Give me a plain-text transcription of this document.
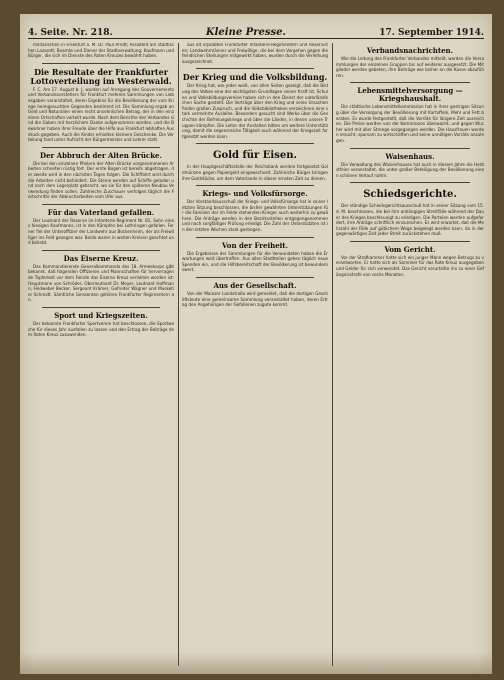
4. Seite. Nr. 218.	Kleine Presse.	17. September 1914.

militärischen in Frankfurt a. M. Dr. Paul Arndt; Assistent am städtischen Lazarett; Beamte und Diener der Stadtverwaltung; Kaufmann und Bürger, die sich im Dienste des Roten Kreuzes bewährt haben.

Die Resultate der Frankfurter Lottoverteilung im Westerwald.

F. C. Am 17. August b. J. wurden auf Anregung des Gouvernements und Verbandsvorstehers für Frankfurt mehrere Sammlungen von Liebesgaben veranstaltet, deren Ergebnis für die Bevölkerung der vom Kriege heimgesuchten Gegenden bestimmt ist. Die Sammlung ergab an Geld und Naturalien einen recht ansehnlichen Betrag, der in den einzelnen Ortschaften verteilt wurde. Nach dem Berichte des Verbandes sind die Gaben mit herzlichem Danke aufgenommen worden, und die Bewohner haben ihrer Freude über die Hilfe aus Frankfurt lebhaften Ausdruck gegeben. Auch die Kinder erhielten kleinere Geschenke. Die Verteilung fand unter Aufsicht der Bürgermeister und Lehrer statt.

Der Abbruch der Alten Brücke.

Die bei den einzelnen Pfeilern der Alten Brücke vorgenommenen Arbeiten schreiten rüstig fort. Der erste Bogen ist bereits abgetragen, der zweite wird in den nächsten Tagen folgen. Die Schiffahrt wird durch die Arbeiten nicht behindert. Die Steine werden auf Schiffe geladen und nach dem Lagerplatz gebracht, wo sie für den späteren Neubau Verwendung finden sollen. Zahlreiche Zuschauer verfolgen täglich die Fortschritte der Abbrucharbeiten vom Ufer aus.

Für das Vaterland gefallen.

Der Leutnant der Reserve im Infanterie-Regiment Nr. 81, Sohn eines hiesigen Kaufmanns, ist in den Kämpfen bei Lothringen gefallen. Ferner fiel der Unteroffizier der Landwehr aus Bockenheim, der als Freiwilliger ins Feld gezogen war. Beide waren in weiten Kreisen geachtet und beliebt.

Das Eiserne Kreuz.

Das Kommandierende Generalkommando des 18. Armeekorps gibt bekannt, daß folgenden Offizieren und Mannschaften für hervorragende Tapferkeit vor dem Feinde das Eiserne Kreuz verliehen worden ist: Hauptmann von Schröder, Oberleutnant Dr. Meyer, Leutnant Hoffmann, Feldwebel Becker, Sergeant Krämer, Gefreiter Wagner und Musketier Schmidt. Sämtliche Genannten gehören Frankfurter Regimentern an.

Sport und Kriegszeiten.

Der bekannte Frankfurter Sportverein hat beschlossen, die Sportwoche für dieses Jahr ausfallen zu lassen und den Ertrag der Beiträge dem Roten Kreuz zuzuwenden.

aus alt erprobten Frankfurter Infanterie-Regimentern und Reservisten; Landwehrmänner und Freiwillige, die bei dem Vorgehen gegen die feindlichen Stellungen mitgewirkt haben, wurden durch die Verleihung ausgezeichnet.

Der Krieg und die Volksbildung.

Der Krieg hat, wie jeder weiß, von allen Seiten gezeigt, daß die Bildung des Volkes eine der wichtigsten Grundlagen seiner Kraft ist. Schulen und Volksbildungsvereine haben sich in den Dienst der vaterländischen Sache gestellt. Die Vorträge über den Krieg und seine Ursachen finden großen Zuspruch, und die Volksbibliotheken verzeichnen eine stark vermehrte Ausleihe. Besonders gesucht sind Werke über die Geschichte der Befreiungskriege und über die Länder, in denen unsere Truppen kämpfen. Die Leiter der Anstalten bitten um weitere Unterstützung, damit die segensreiche Tätigkeit auch während der Kriegszeit fortgesetzt werden kann.

Gold für Eisen.

In der Hauptgeschäftsstelle der Reichsbank werden fortgesetzt Goldmünzen gegen Papiergeld eingewechselt. Zahlreiche Bürger bringen ihre Goldstücke, um dem Vaterlande in dieser ernsten Zeit zu dienen.

Kriegs- und Volksfürsorge.

Der Vorstandsausschuß der Kriegs- und Volksfürsorge hat in seiner letzten Sitzung beschlossen, die bisher gewährten Unterstützungen für die Familien der im Felde stehenden Krieger auch weiterhin zu gewähren. Die Anträge werden in den Bezirksstellen entgegengenommen und nach sorgfältiger Prüfung erledigt. Die Zahl der Unterstützten ist in den letzten Wochen stark gestiegen.

Von der Freiheit.

Die Ergebnisse der Sammlungen für die Verwundeten haben die Erwartungen weit übertroffen. Aus allen Stadtteilen gehen täglich neue Spenden ein, und die Hilfsbereitschaft der Bevölkerung ist bewundernswert.

Aus der Gesellschaft.

Von der Mainzer Landstraße wird gemeldet, daß die dortigen Geschäftsleute eine gemeinsame Sammlung veranstaltet haben, deren Ertrag den Angehörigen der Gefallenen zugute kommt.

Verbandsnachrichten.

Wie die Leitung des Frankfurter Verbandes mitteilt, werden die Versammlungen der einzelnen Gruppen bis auf weiteres ausgesetzt. Die Mitglieder werden gebeten, ihre Beiträge wie bisher an die Kasse abzuführen.

Lebensmittelversorgung — Kriegshaushalt.

Die städtische Lebensmittelkommission hat in ihrer gestrigen Sitzung über die Versorgung der Bevölkerung mit Kartoffeln, Mehl und Fett beraten. Es wurde festgestellt, daß die Vorräte für längere Zeit ausreichen. Die Preise werden von der Kommission überwacht, und gegen Wucher wird mit aller Strenge vorgegangen werden. Die Hausfrauen werden ersucht, sparsam zu wirtschaften und keine unnötigen Vorräte anzulegen.

Waisenhaus.

Die Verwaltung des Waisenhauses hat auch in diesem Jahre die Herbstfeier veranstaltet, die unter großer Beteiligung der Bevölkerung einen schönen Verlauf nahm.

Schiedsgerichte.

Der ständige Schiedsgerichtsausschuß hat in seiner Sitzung vom 15. d. M. beschlossen, die bei ihm anhängigen Streitfälle während der Dauer des Krieges beschleunigt zu erledigen. Die Parteien werden aufgefordert, ihre Anträge schriftlich einzureichen. Es wird erwartet, daß die Mehrzahl der Fälle auf gütlichem Wege beigelegt werden kann, da in der gegenwärtigen Zeit jeder Streit zurückstehen muß.

Vom Gericht.

Vor der Strafkammer hatte sich ein junger Mann wegen Betrugs zu verantworten. Er hatte sich als Sammler für das Rote Kreuz ausgegeben und Gelder für sich verwendet. Das Gericht verurteilte ihn zu einer Gefängnisstrafe von sechs Monaten.
